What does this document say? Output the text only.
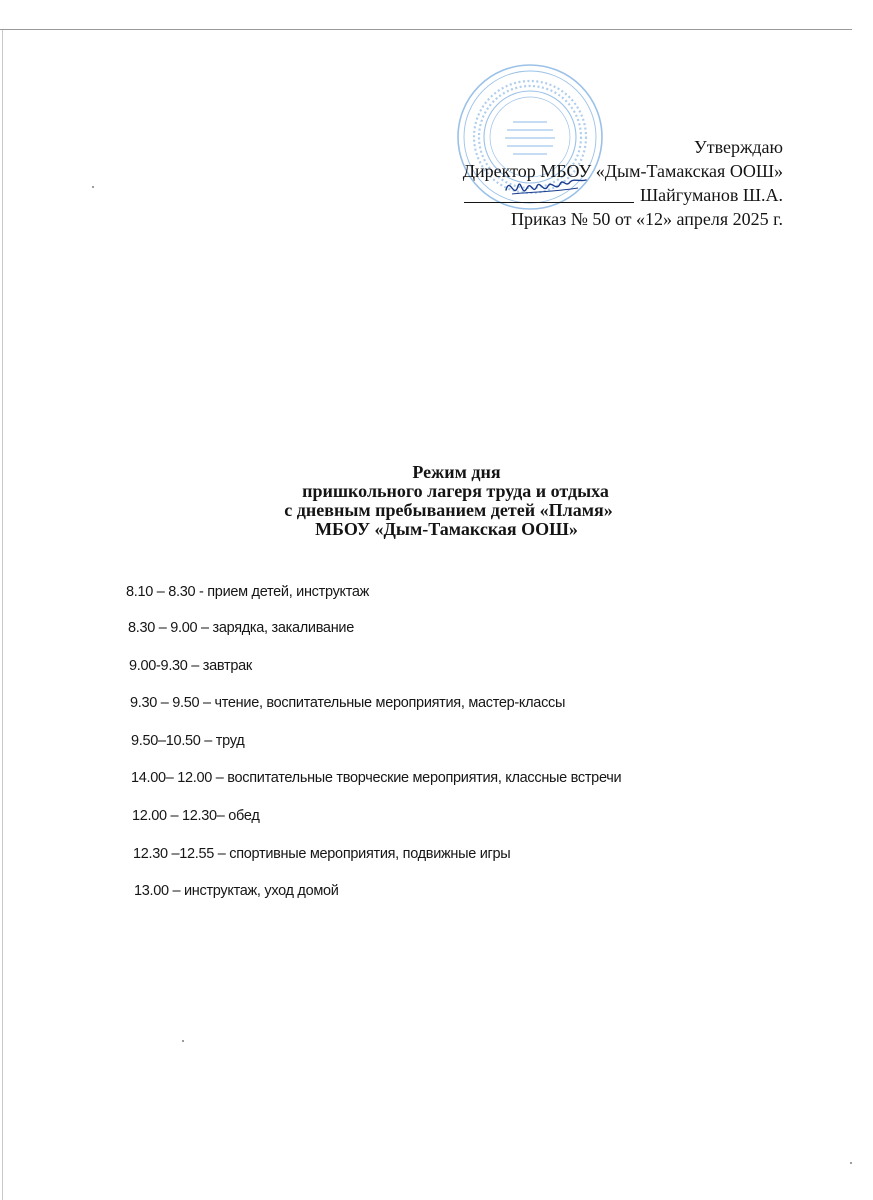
Утверждаю
Директор МБОУ «Дым-Тамакская ООШ»
Шайгуманов Ш.А.
Приказ № 50 от «12» апреля 2025 г.
Режим дня
пришкольного лагеря труда и отдыха
с дневным пребыванием детей «Пламя»
МБОУ «Дым-Тамакская ООШ»
8.10 – 8.30 - прием детей, инструктаж
8.30 – 9.00 – зарядка, закаливание
9.00-9.30 – завтрак
9.30 – 9.50 – чтение, воспитательные мероприятия, мастер-классы
9.50–10.50 – труд
14.00– 12.00 – воспитательные творческие мероприятия, классные встречи
12.00 – 12.30– обед
12.30 –12.55 – спортивные мероприятия, подвижные игры
13.00 – инструктаж, уход домой
